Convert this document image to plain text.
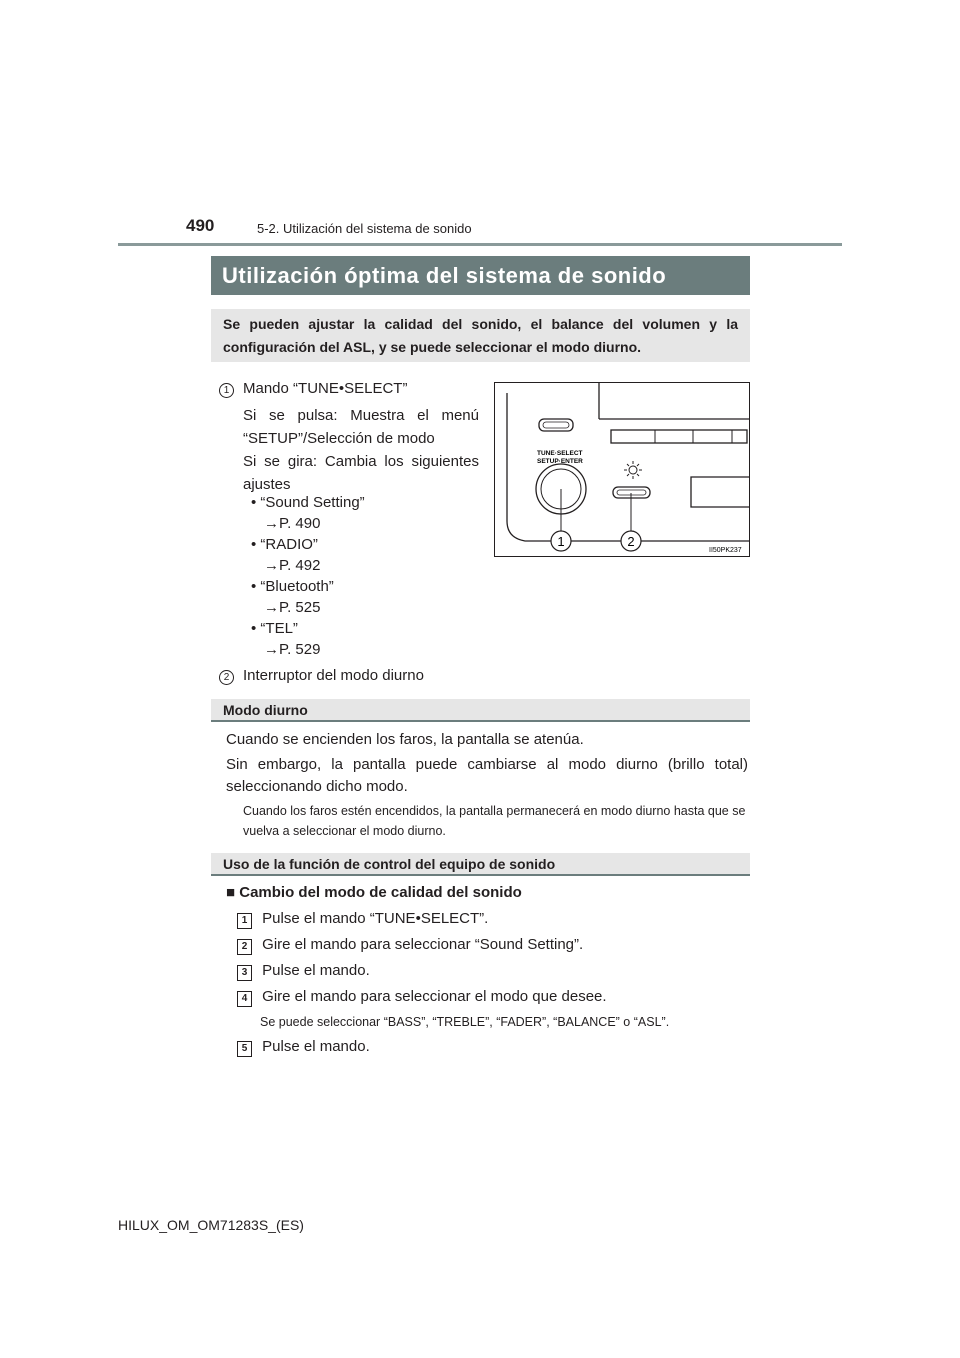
490	5-2. Utilización del sistema de sonido
Utilización óptima del sistema de sonido
Se pueden ajustar la calidad del sonido, el balance del volumen y la configuración del ASL, y se puede seleccionar el modo diurno.
1 Mando “TUNE•SELECT”
Si se pulsa: Muestra el menú “SETUP”/Selección de modo
Si se gira: Cambia los siguientes ajustes
• “Sound Setting”
→P. 490
• “RADIO”
→P. 492
• “Bluetooth”
→P. 525
• “TEL”
→P. 529
2 Interruptor del modo diurno
TUNE·SELECT
SETUP·ENTER
1	2
II50PK237
Modo diurno
Cuando se encienden los faros, la pantalla se atenúa.
Sin embargo, la pantalla puede cambiarse al modo diurno (brillo total) seleccionando dicho modo.
Cuando los faros estén encendidos, la pantalla permanecerá en modo diurno hasta que se vuelva a seleccionar el modo diurno.
Uso de la función de control del equipo de sonido
■ Cambio del modo de calidad del sonido
1 Pulse el mando “TUNE•SELECT”.
2 Gire el mando para seleccionar “Sound Setting”.
3 Pulse el mando.
4 Gire el mando para seleccionar el modo que desee.
Se puede seleccionar “BASS”, “TREBLE”, “FADER”, “BALANCE” o “ASL”.
5 Pulse el mando.
HILUX_OM_OM71283S_(ES)
